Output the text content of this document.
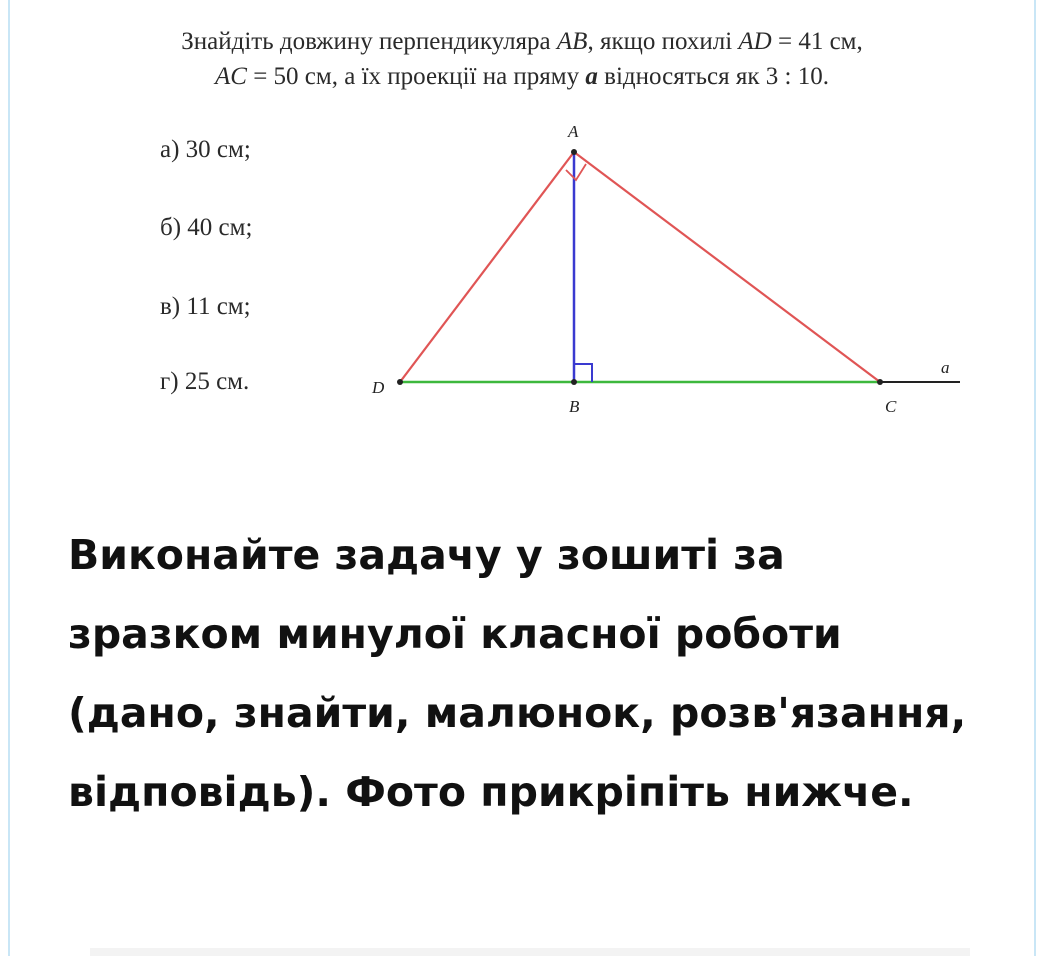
Знайдіть довжину перпендикуляра AB, якщо похилі AD = 41 см,
AC = 50 см, а їх проекції на пряму a відносяться як 3 : 10.
а) 30 см;
б) 40 см;
в) 11 см;
г) 25 см.
A
B	C
D
a

Виконайте задачу у зошиті за зразком минулої класної роботи (дано, знайти, малюнок, розв'язання, відповідь). Фото прикріпіть нижче.
